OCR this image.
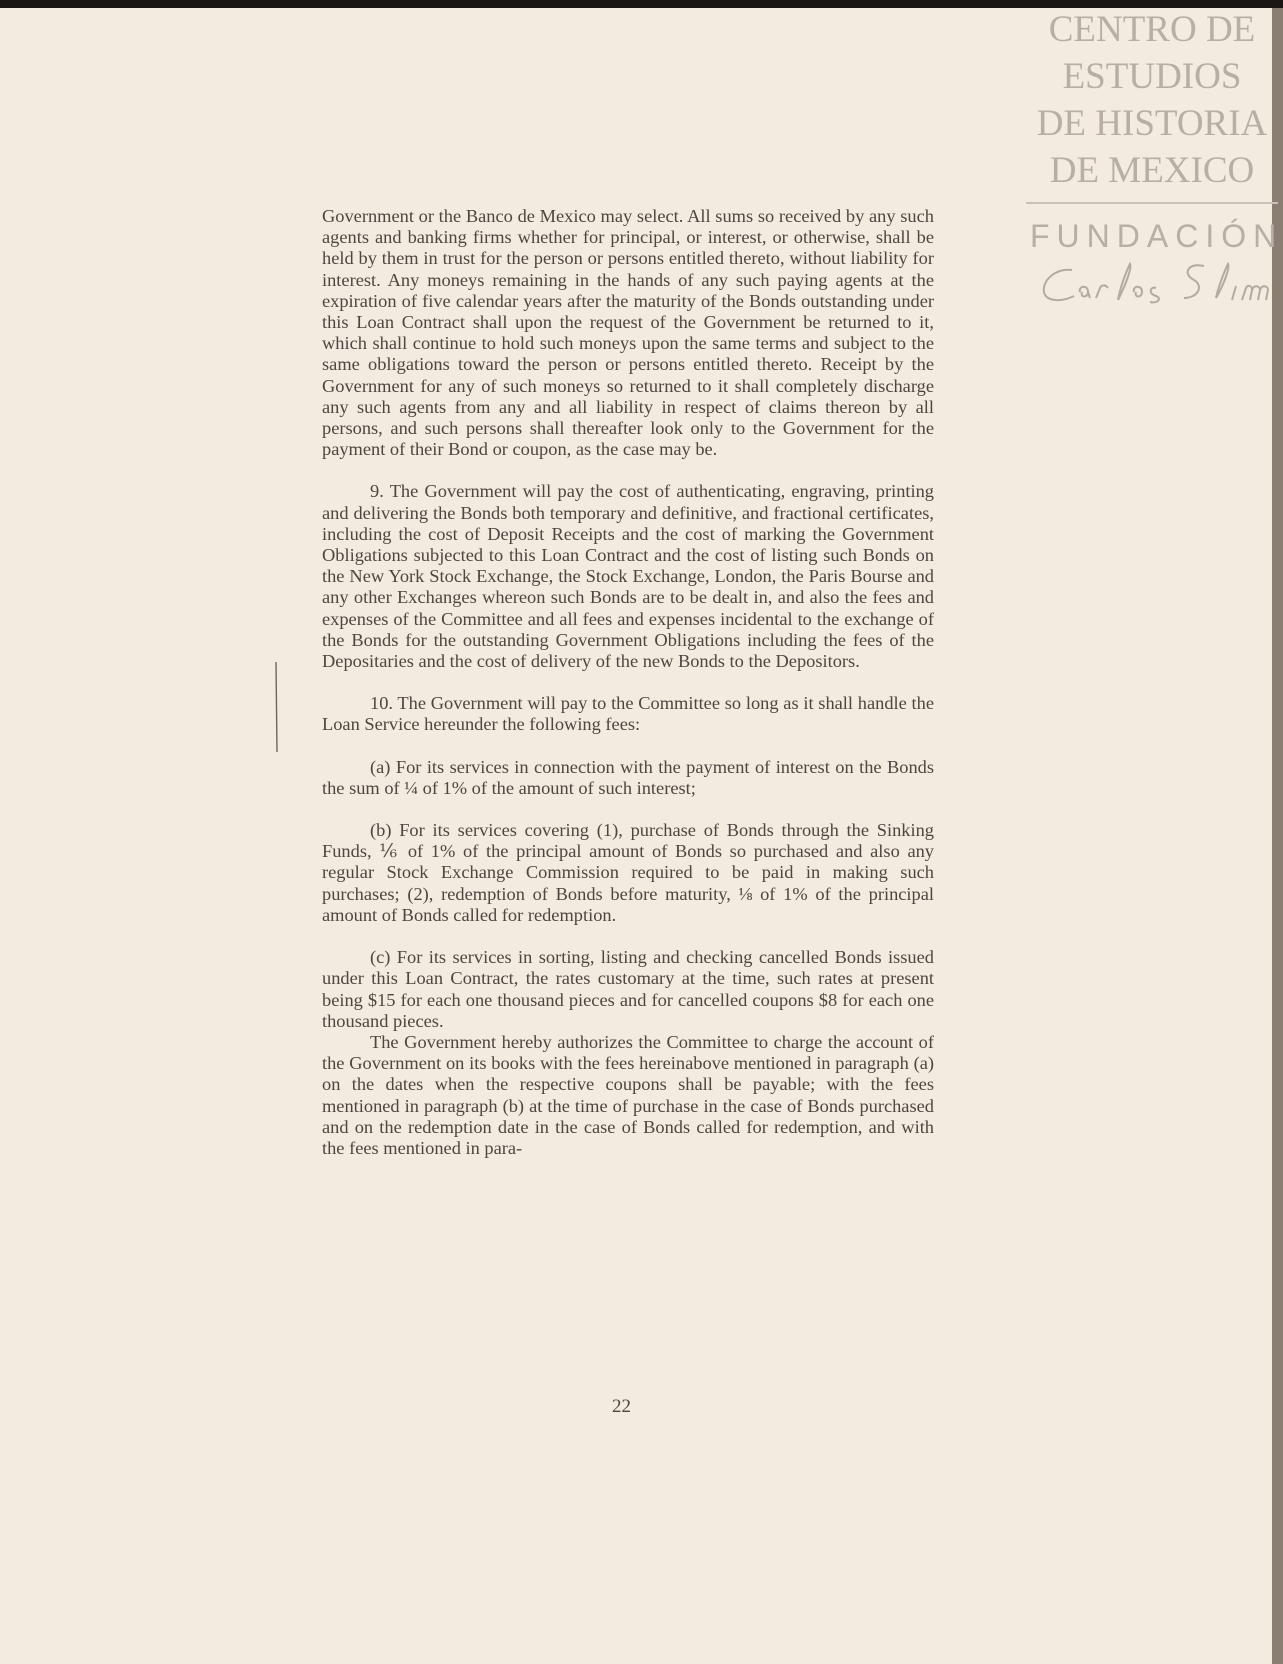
CENTRO DE
ESTUDIOS
DE HISTORIA
DE MEXICO
FUNDACIÓN

Government or the Banco de Mexico may select. All sums so received by any such agents and banking firms whether for principal, or interest, or otherwise, shall be held by them in trust for the person or persons entitled thereto, without liability for interest. Any moneys remaining in the hands of any such paying agents at the expiration of five calendar years after the maturity of the Bonds outstanding under this Loan Contract shall upon the request of the Government be returned to it, which shall continue to hold such moneys upon the same terms and subject to the same obligations toward the person or persons entitled thereto. Receipt by the Government for any of such moneys so returned to it shall completely discharge any such agents from any and all liability in respect of claims thereon by all persons, and such persons shall thereafter look only to the Government for the payment of their Bond or coupon, as the case may be.

9. The Government will pay the cost of authenticating, engraving, printing and delivering the Bonds both temporary and definitive, and fractional certificates, including the cost of Deposit Receipts and the cost of marking the Government Obligations subjected to this Loan Contract and the cost of listing such Bonds on the New York Stock Exchange, the Stock Exchange, London, the Paris Bourse and any other Exchanges whereon such Bonds are to be dealt in, and also the fees and expenses of the Committee and all fees and expenses incidental to the exchange of the Bonds for the outstanding Government Obligations including the fees of the Depositaries and the cost of delivery of the new Bonds to the Depositors.

10. The Government will pay to the Committee so long as it shall handle the Loan Service hereunder the following fees:

(a) For its services in connection with the payment of interest on the Bonds the sum of ¼ of 1% of the amount of such interest;

(b) For its services covering (1), purchase of Bonds through the Sinking Funds, ⅙ of 1% of the principal amount of Bonds so purchased and also any regular Stock Exchange Commission required to be paid in making such purchases; (2), redemption of Bonds before maturity, ⅛ of 1% of the principal amount of Bonds called for redemption.

(c) For its services in sorting, listing and checking cancelled Bonds issued under this Loan Contract, the rates customary at the time, such rates at present being $15 for each one thousand pieces and for cancelled coupons $8 for each one thousand pieces.

The Government hereby authorizes the Committee to charge the account of the Government on its books with the fees hereinabove mentioned in paragraph (a) on the dates when the respective coupons shall be payable; with the fees mentioned in paragraph (b) at the time of purchase in the case of Bonds purchased and on the redemption date in the case of Bonds called for redemption, and with the fees mentioned in para-

22
